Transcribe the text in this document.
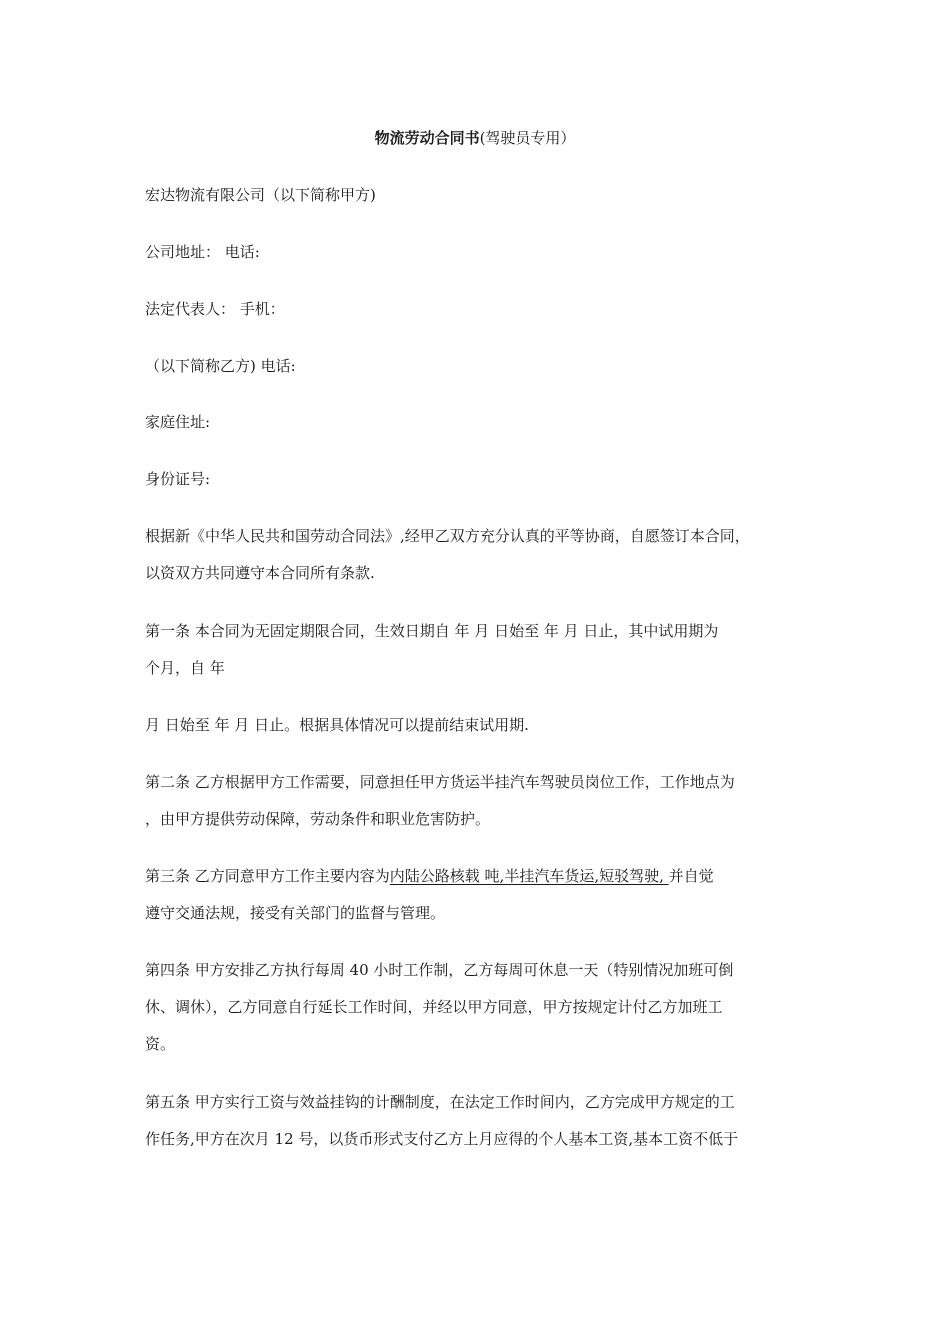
物流劳动合同书(驾驶员专用）
宏达物流有限公司（以下简称甲方)
公司地址： 电话:
法定代表人： 手机：
（以下简称乙方) 电话:
家庭住址:
身份证号:
根据新《中华人民共和国劳动合同法》,经甲乙双方充分认真的平等协商，自愿签订本合同，
以资双方共同遵守本合同所有条款.
第一条 本合同为无固定期限合同，生效日期自 年 月 日始至 年 月 日止，其中试用期为
个月，自 年
月 日始至 年 月 日止。根据具体情况可以提前结束试用期.
第二条 乙方根据甲方工作需要，同意担任甲方货运半挂汽车驾驶员岗位工作，工作地点为
，由甲方提供劳动保障，劳动条件和职业危害防护。
第三条 乙方同意甲方工作主要内容为内陆公路核载 吨,半挂汽车货运,短驳驾驶, 并自觉
遵守交通法规，接受有关部门的监督与管理。
第四条 甲方安排乙方执行每周 40 小时工作制，乙方每周可休息一天（特别情况加班可倒
休、调休），乙方同意自行延长工作时间，并经以甲方同意，甲方按规定计付乙方加班工
资。
第五条 甲方实行工资与效益挂钩的计酬制度，在法定工作时间内，乙方完成甲方规定的工
作任务,甲方在次月 12 号，以货币形式支付乙方上月应得的个人基本工资,基本工资不低于
